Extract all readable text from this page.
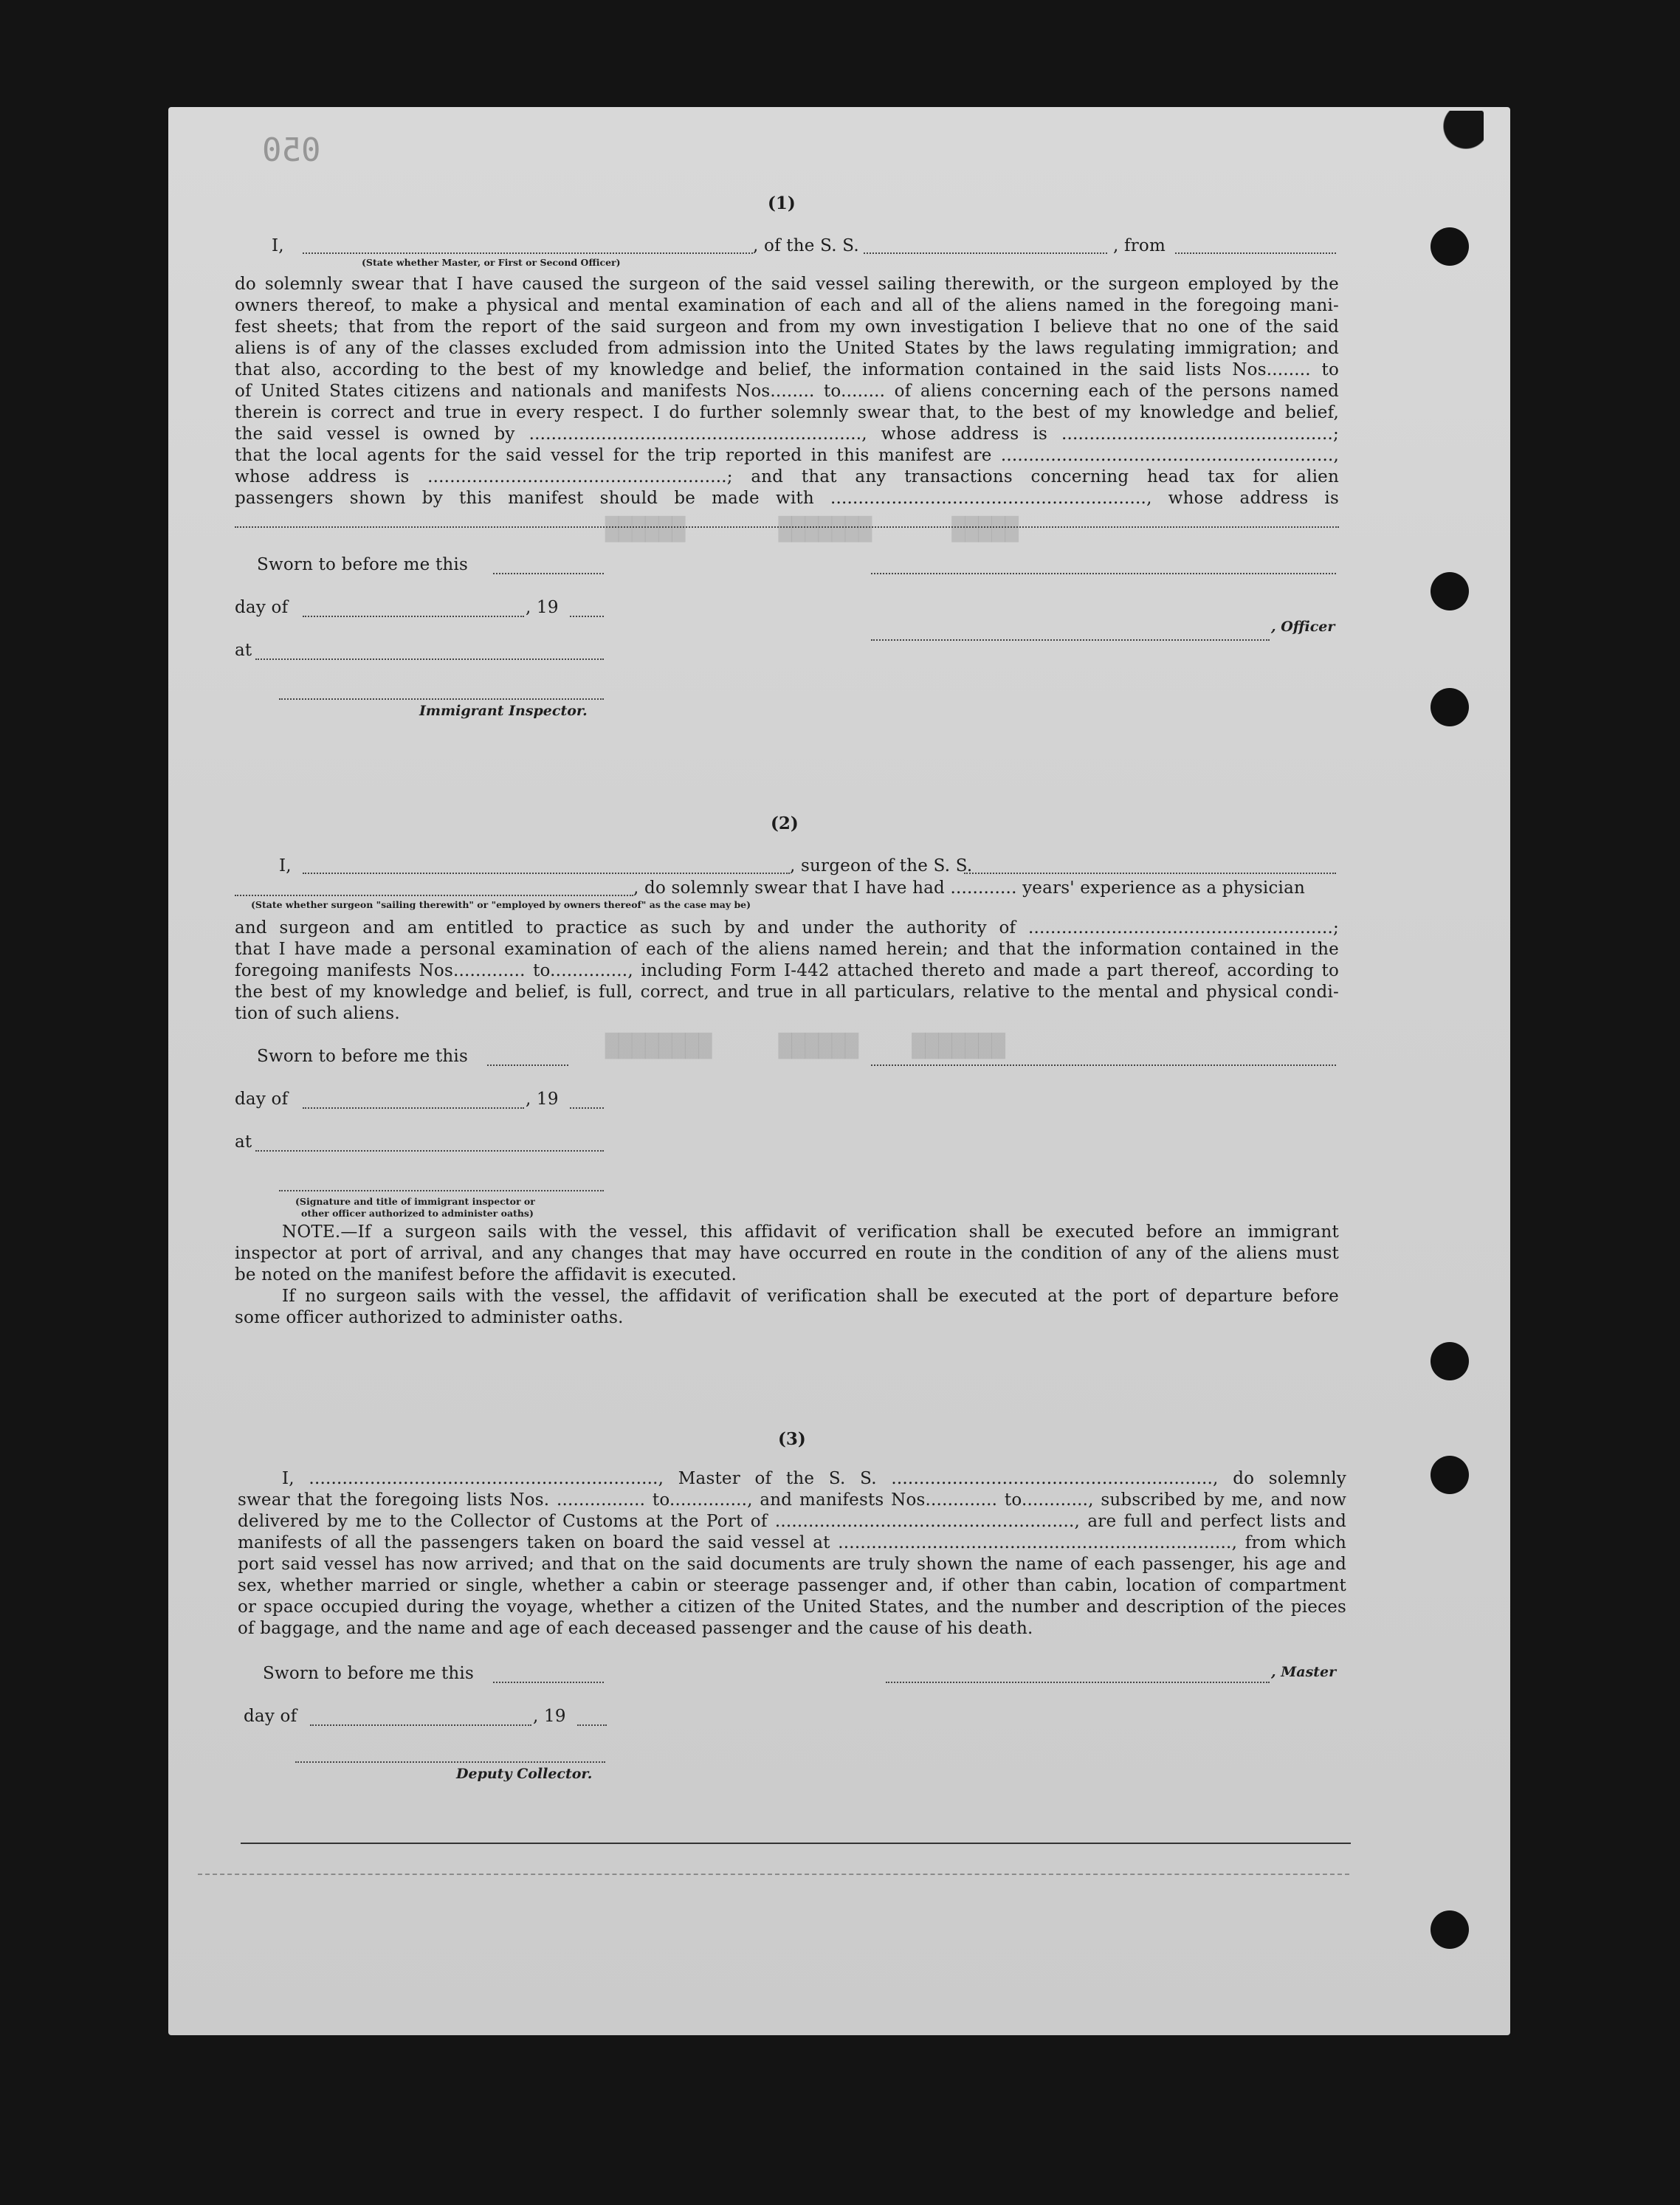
█████      ███████       ██████
███████    ██████     ████████
050
(1)
I,	, of the S. S.	, from
(State whether Master, or First or Second Officer)
do solemnly swear that I have caused the surgeon of the said vessel sailing therewith, or the surgeon employed by the
owners thereof, to make a physical and mental examination of each and all of the aliens named in the foregoing mani-
fest sheets; that from the report of the said surgeon and from my own investigation I believe that no one of the said
aliens is of any of the classes excluded from admission into the United States by the laws regulating immigration; and
that also, according to the best of my knowledge and belief, the information contained in the said lists Nos........ to
of United States citizens and nationals and manifests Nos........ to........ of aliens concerning each of the persons named
therein is correct and true in every respect. I do further solemnly swear that, to the best of my knowledge and belief,
the said vessel is owned by ............................................................, whose address is .................................................;
that the local agents for the said vessel for the trip reported in this manifest are ............................................................,
whose address is ......................................................; and that any transactions concerning head tax for alien
passengers shown by this manifest should be made with ........................................................., whose address is
Sworn to before me this
day of	, 19
, Officer
at
Immigrant Inspector.
(2)
I,	, surgeon of the S. S.
, do solemnly swear that I have had ............ years' experience as a physician
(State whether surgeon "sailing therewith" or "employed by owners thereof" as the case may be)
and surgeon and am entitled to practice as such by and under the authority of .......................................................;
that I have made a personal examination of each of the aliens named herein; and that the information contained in the
foregoing manifests Nos............. to.............., including Form I-442 attached thereto and made a part thereof, according to
the best of my knowledge and belief, is full, correct, and true in all particulars, relative to the mental and physical condi-
tion of such aliens.
Sworn to before me this
day of	, 19
at
(Signature and title of immigrant inspector or
other officer authorized to administer oaths)
NOTE.—If a surgeon sails with the vessel, this affidavit of verification shall be executed before an immigrant
inspector at port of arrival, and any changes that may have occurred en route in the condition of any of the aliens must
be noted on the manifest before the affidavit is executed.
If no surgeon sails with the vessel, the affidavit of verification shall be executed at the port of departure before
some officer authorized to administer oaths.
(3)
I, ..............................................................., Master of the S. S. .........................................................., do solemnly
swear that the foregoing lists Nos. ................ to.............., and manifests Nos............. to............, subscribed by me, and now
delivered by me to the Collector of Customs at the Port of ......................................................, are full and perfect lists and
manifests of all the passengers taken on board the said vessel at ......................................................................., from which
port said vessel has now arrived; and that on the said documents are truly shown the name of each passenger, his age and
sex, whether married or single, whether a cabin or steerage passenger and, if other than cabin, location of compartment
or space occupied during the voyage, whether a citizen of the United States, and the number and description of the pieces
of baggage, and the name and age of each deceased passenger and the cause of his death.
Sworn to before me this	, Master
day of	, 19
Deputy Collector.
